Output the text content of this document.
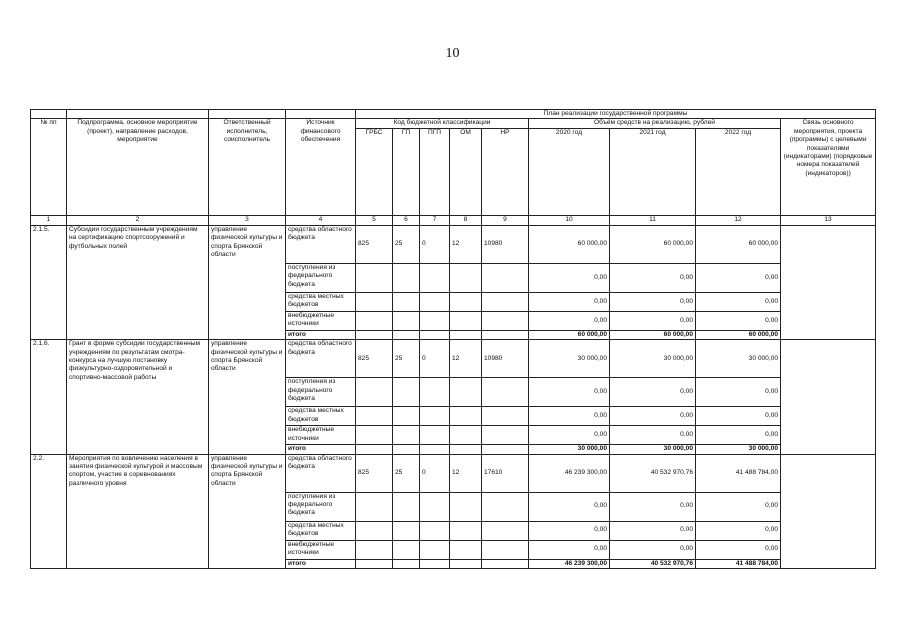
10
				План реализации государственной программы								
№ пп	Подпрограмма, основное мероприятие (проект), направление расходов, мероприятие	Ответственный исполнитель, соисполнитель	Источник финансового обеспечения	Код бюджетной классификации					Объём средств на реализацию, рублей			Связь основного мероприятия, проекта (программы) с целевыми показателями (индикаторами) (порядковые номера показателей (индикаторов))
				ГРБС	ГП	ПГП	ОМ	НР	2020 год	2021 год	2022 год	
1	2	3	4	5	6	7	8	9	10	11	12	13
2.1.5.	Субсидии государственным учреждениям на сертификацию спортсооружений и футбольных полей	управление физической культуры и спорта Брянской области	средства областного бюджета	825	25	0	12	10980	60 000,00	60 000,00	60 000,00	
			поступления из федерального бюджета						0,00	0,00	0,00	
			средства местных бюджетов						0,00	0,00	0,00	
			внебюджетные источники						0,00	0,00	0,00	
			итого						60 000,00	60 000,00	60 000,00	
2.1.6.	Грант в форме субсидии государственным учреждениям по результатам смотра-конкурса на лучшую постановку физкультурно-оздоровительной и спортивно-массовой работы	управление физической культуры и спорта Брянской области	средства областного бюджета	825	25	0	12	10980	30 000,00	30 000,00	30 000,00	
			поступления из федерального бюджета						0,00	0,00	0,00	
			средства местных бюджетов						0,00	0,00	0,00	
			внебюджетные источники						0,00	0,00	0,00	
			итого						30 000,00	30 000,00	30 000,00	
2.2.	Мероприятия по вовлечению населения в занятия физической культурой и массовым спортом, участие в соревнованиях различного уровня	управление физической культуры и спорта Брянской области	средства областного бюджета	825	25	0	12	17610	46 239 300,00	40 532 970,76	41 488 784,00	
			поступления из федерального бюджета						0,00	0,00	0,00	
			средства местных бюджетов						0,00	0,00	0,00	
			внебюджетные источники						0,00	0,00	0,00	
			итого						46 239 300,00	40 532 970,76	41 488 784,00	
